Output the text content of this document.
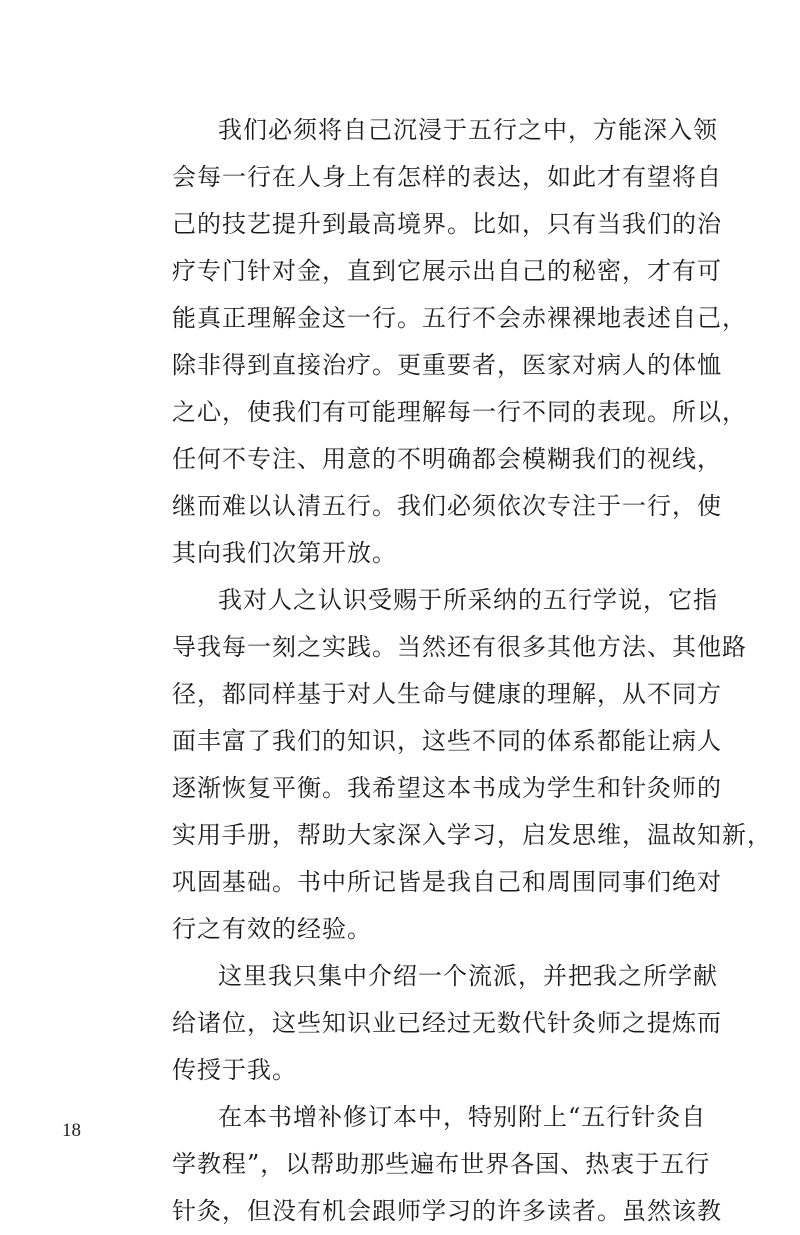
我们必须将自己沉浸于五行之中，方能深入领
会每一行在人身上有怎样的表达，如此才有望将自
己的技艺提升到最高境界。比如，只有当我们的治
疗专门针对金，直到它展示出自己的秘密，才有可
能真正理解金这一行。五行不会赤裸裸地表述自己，
除非得到直接治疗。更重要者，医家对病人的体恤
之心，使我们有可能理解每一行不同的表现。所以，
任何不专注、用意的不明确都会模糊我们的视线，
继而难以认清五行。我们必须依次专注于一行，使
其向我们次第开放。
我对人之认识受赐于所采纳的五行学说，它指
导我每一刻之实践。当然还有很多其他方法、其他路
径，都同样基于对人生命与健康的理解，从不同方
面丰富了我们的知识，这些不同的体系都能让病人
逐渐恢复平衡。我希望这本书成为学生和针灸师的
实用手册，帮助大家深入学习，启发思维，温故知新，
巩固基础。书中所记皆是我自己和周围同事们绝对
行之有效的经验。
这里我只集中介绍一个流派，并把我之所学献
给诸位，这些知识业已经过无数代针灸师之提炼而
传授于我。
在本书增补修订本中，特别附上“五行针灸自
学教程”，以帮助那些遍布世界各国、热衷于五行
针灸，但没有机会跟师学习的许多读者。虽然该教
18
